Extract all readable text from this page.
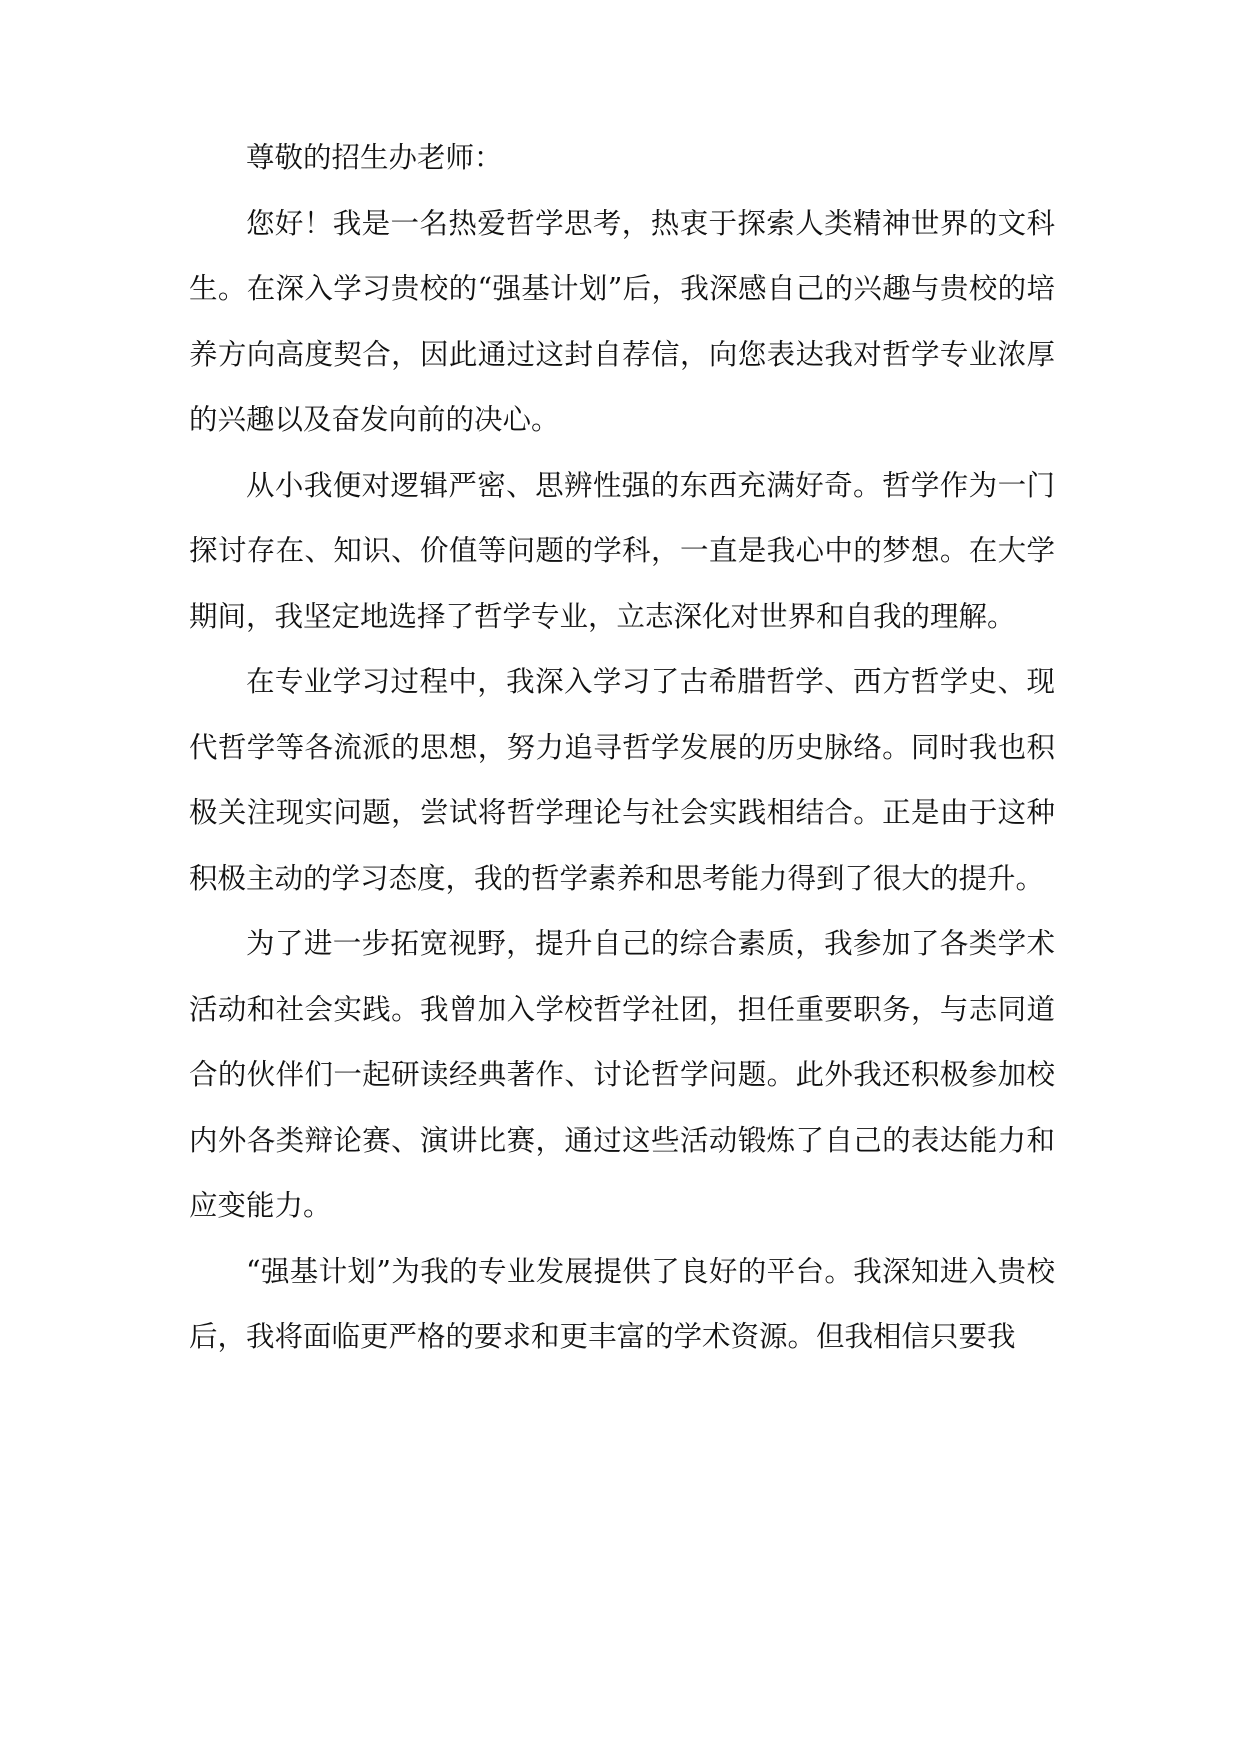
尊敬的招生办老师：

您好！我是一名热爱哲学思考，热衷于探索人类精神世界的文科生。在深入学习贵校的“强基计划”后，我深感自己的兴趣与贵校的培养方向高度契合，因此通过这封自荐信，向您表达我对哲学专业浓厚的兴趣以及奋发向前的决心。

从小我便对逻辑严密、思辨性强的东西充满好奇。哲学作为一门探讨存在、知识、价值等问题的学科，一直是我心中的梦想。在大学期间，我坚定地选择了哲学专业，立志深化对世界和自我的理解。

在专业学习过程中，我深入学习了古希腊哲学、西方哲学史、现代哲学等各流派的思想，努力追寻哲学发展的历史脉络。同时我也积极关注现实问题，尝试将哲学理论与社会实践相结合。正是由于这种积极主动的学习态度，我的哲学素养和思考能力得到了很大的提升。

为了进一步拓宽视野，提升自己的综合素质，我参加了各类学术活动和社会实践。我曾加入学校哲学社团，担任重要职务，与志同道合的伙伴们一起研读经典著作、讨论哲学问题。此外我还积极参加校内外各类辩论赛、演讲比赛，通过这些活动锻炼了自己的表达能力和应变能力。

“强基计划”为我的专业发展提供了良好的平台。我深知进入贵校后，我将面临更严格的要求和更丰富的学术资源。但我相信只要我
